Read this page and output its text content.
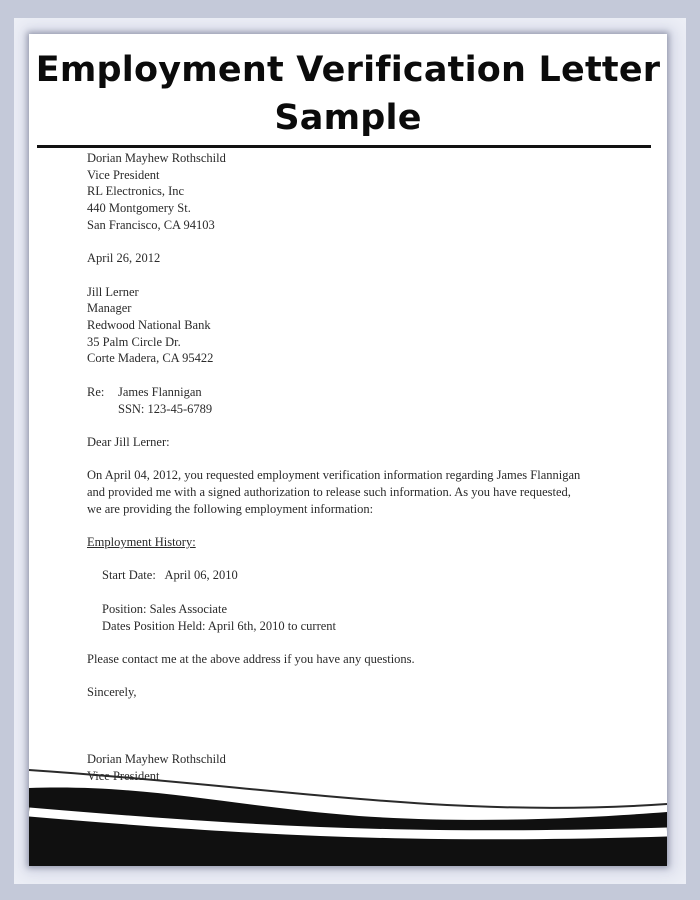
Employment Verification Letter
Sample
Dorian Mayhew Rothschild
Vice President
RL Electronics, Inc
440 Montgomery St.
San Francisco, CA 94103
April 26, 2012
Jill Lerner
Manager
Redwood National Bank
35 Palm Circle Dr.
Corte Madera, CA 95422
Re:	James Flannigan
SSN: 123-45-6789
Dear Jill Lerner:
On April 04, 2012, you requested employment verification information regarding James Flannigan
and provided me with a signed authorization to release such information. As you have requested,
we are providing the following employment information:
Employment History:
Start Date:   April 06, 2010
Position: Sales Associate
Dates Position Held: April 6th, 2010 to current
Please contact me at the above address if you have any questions.
Sincerely,
Dorian Mayhew Rothschild
Vice President
